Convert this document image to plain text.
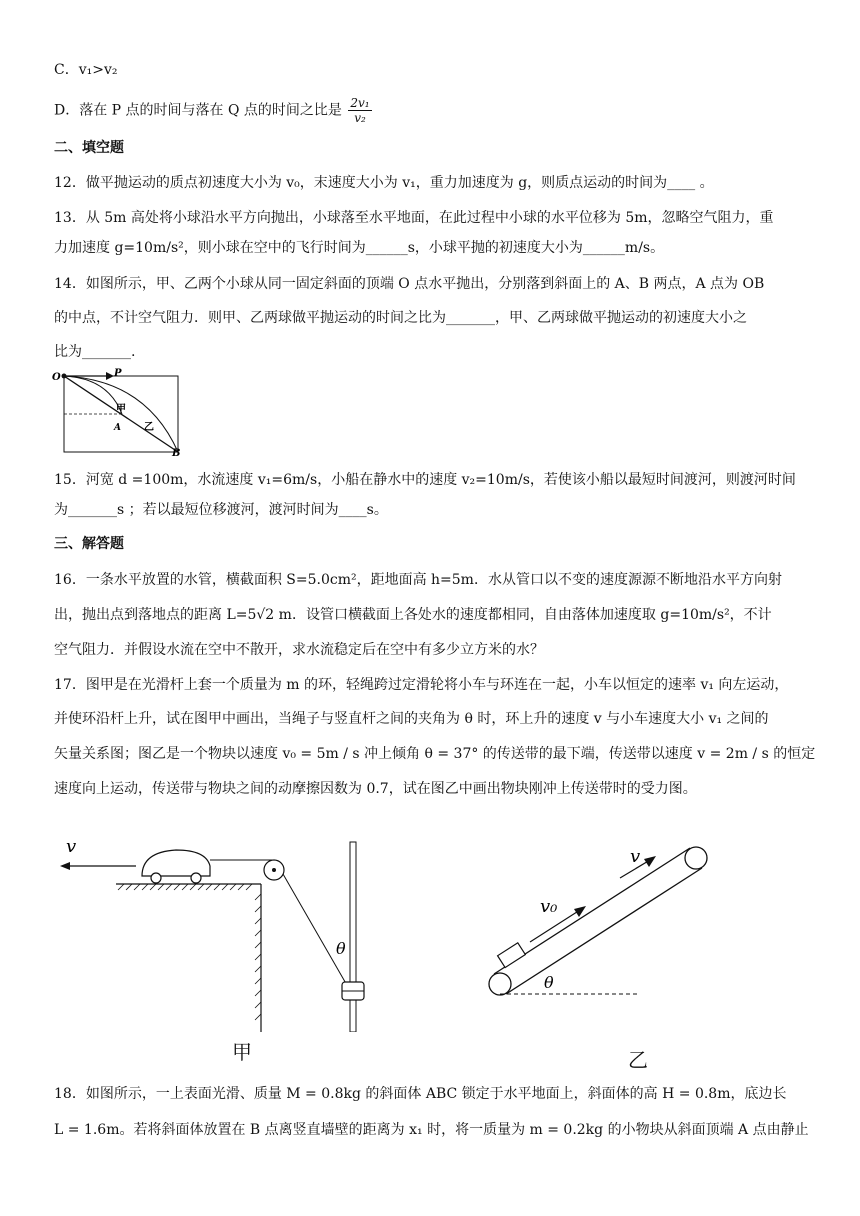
C．v₁>v₂
D．落在 P 点的时间与落在 Q 点的时间之比是 $\frac{\text{2v₁}}{\text{v₂}}$
二、填空题
12．做平抛运动的质点初速度大小为 v₀，末速度大小为 v₁，重力加速度为 g，则质点运动的时间为____ 。
13．从 5m 高处将小球沿水平方向抛出，小球落至水平地面，在此过程中小球的水平位移为 5m，忽略空气阻力，重
力加速度 g=10m/s²，则小球在空中的飞行时间为______s，小球平抛的初速度大小为______m/s。
14．如图所示，甲、乙两个小球从同一固定斜面的顶端 O 点水平抛出，分别落到斜面上的 A、B 两点，A 点为 OB
的中点，不计空气阻力．则甲、乙两球做平抛运动的时间之比为_______，甲、乙两球做平抛运动的初速度大小之
比为_______.
O	P
甲
A 乙
B
15．河宽 d =100m，水流速度 v₁=6m/s，小船在静水中的速度 v₂=10m/s，若使该小船以最短时间渡河，则渡河时间
为_______s ；若以最短位移渡河，渡河时间为____s。
三、解答题
16．一条水平放置的水管，横截面积 S=5.0cm²，距地面高 h=5m．水从管口以不变的速度源源不断地沿水平方向射
出，抛出点到落地点的距离 L=5√2 m．设管口横截面上各处水的速度都相同，自由落体加速度取 g=10m/s²，不计
空气阻力．并假设水流在空中不散开，求水流稳定后在空中有多少立方米的水？
17．图甲是在光滑杆上套一个质量为 m 的环，轻绳跨过定滑轮将小车与环连在一起，小车以恒定的速率 v₁ 向左运动，
并使环沿杆上升，试在图甲中画出，当绳子与竖直杆之间的夹角为 θ 时，环上升的速度 v 与小车速度大小 v₁ 之间的
矢量关系图；图乙是一个物块以速度 v₀ = 5m / s 冲上倾角 θ = 37° 的传送带的最下端，传送带以速度 v = 2m / s 的恒定
速度向上运动，传送带与物块之间的动摩擦因数为 0.7，试在图乙中画出物块刚冲上传送带时的受力图。
v
θ
甲
v
v₀
θ
乙
18．如图所示，一上表面光滑、质量 M = 0.8kg 的斜面体 ABC 锁定于水平地面上，斜面体的高 H = 0.8m，底边长
L = 1.6m。若将斜面体放置在 B 点离竖直墙壁的距离为 x₁ 时，将一质量为 m = 0.2kg 的小物块从斜面顶端 A 点由静止
